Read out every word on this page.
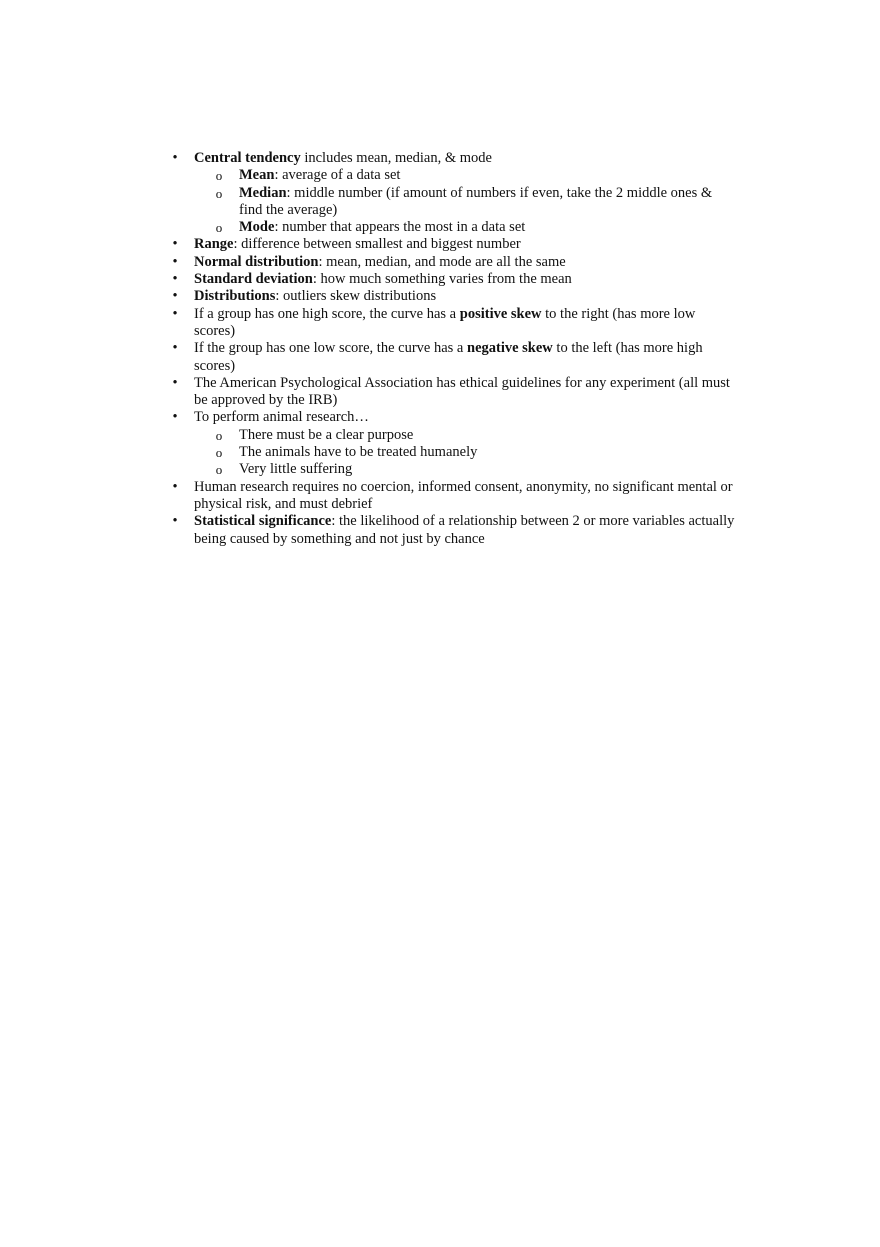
• Central tendency includes mean, median, & mode
o Mean: average of a data set
o Median: middle number (if amount of numbers if even, take the 2 middle ones & find the average)
o Mode: number that appears the most in a data set
• Range: difference between smallest and biggest number
• Normal distribution: mean, median, and mode are all the same
• Standard deviation: how much something varies from the mean
• Distributions: outliers skew distributions
• If a group has one high score, the curve has a positive skew to the right (has more low scores)
• If the group has one low score, the curve has a negative skew to the left (has more high scores)
• The American Psychological Association has ethical guidelines for any experiment (all must be approved by the IRB)
• To perform animal research…
o There must be a clear purpose
o The animals have to be treated humanely
o Very little suffering
• Human research requires no coercion, informed consent, anonymity, no significant mental or physical risk, and must debrief
• Statistical significance: the likelihood of a relationship between 2 or more variables actually being caused by something and not just by chance
